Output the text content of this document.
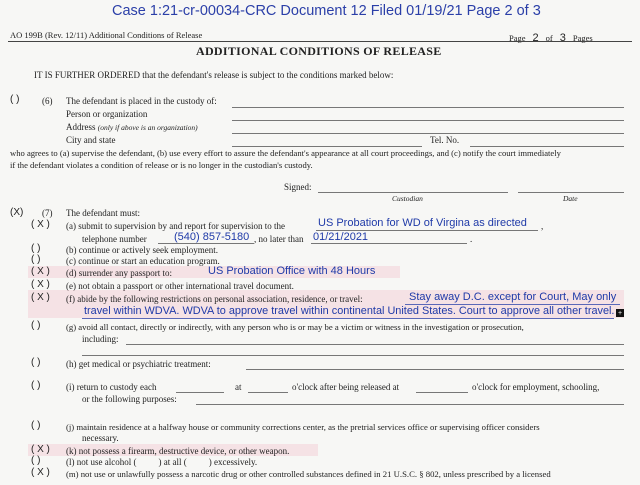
Case 1:21-cr-00034-CRC Document 12 Filed 01/19/21 Page 2 of 3
AO 199B (Rev. 12/11) Additional Conditions of Release	Page 2 of 3 Pages
ADDITIONAL CONDITIONS OF RELEASE
IT IS FURTHER ORDERED that the defendant's release is subject to the conditions marked below:
( )	(6) The defendant is placed in the custody of:
Person or organization
Address (only if above is an organization)
City and state	Tel. No.
who agrees to (a) supervise the defendant, (b) use every effort to assure the defendant's appearance at all court proceedings, and (c) notify the court immediately
if the defendant violates a condition of release or is no longer in the custodian's custody.
Signed:
Custodian	Date
(X) (7) The defendant must:
( X ) (a) submit to supervision by and report for supervision to the	US Probation for WD of Virgina as directed ,
telephone number (540) 857-5180 , no later than 01/21/2021	.
( )	(b) continue or actively seek employment.
( )	(c) continue or start an education program.
( X ) (d) surrender any passport to:	US Probation Office with 48 Hours
( X ) (e) not obtain a passport or other international travel document.
( X ) (f) abide by the following restrictions on personal association, residence, or travel:	Stay away D.C. except for Court, May only
travel within WDVA. WDVA to approve travel within continental United States. Court to approve all other travel. +
( )	(g) avoid all contact, directly or indirectly, with any person who is or may be a victim or witness in the investigation or prosecution,
including:
( )	(h) get medical or psychiatric treatment:
( )	(i) return to custody each	at	o'clock after being released at	o'clock for employment, schooling,
or the following purposes:
( )	(j) maintain residence at a halfway house or community corrections center, as the pretrial services office or supervising officer considers
necessary.
( X ) (k) not possess a firearm, destructive device, or other weapon.
( )	(l) not use alcohol ( ) at all ( ) excessively.
( X ) (m) not use or unlawfully possess a narcotic drug or other controlled substances defined in 21 U.S.C. § 802, unless prescribed by a licensed
